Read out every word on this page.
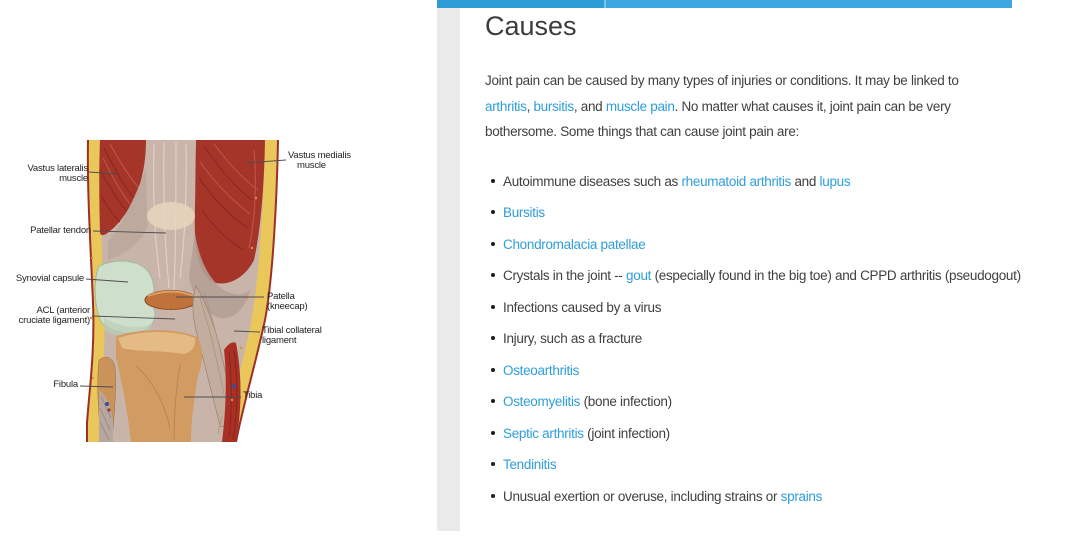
Vastus lateralis
muscle
Patellar tendon
Synovial capsule
ACL (anterior
cruciate ligament)
Fibula
Vastus medialis
muscle
Patella
(kneecap)
Tibial collateral
ligament
Tibia
Causes

Joint pain can be caused by many types of injuries or conditions. It may be linked to arthritis, bursitis, and muscle pain. No matter what causes it, joint pain can be very bothersome. Some things that can cause joint pain are:

Autoimmune diseases such as rheumatoid arthritis and lupus
Bursitis
Chondromalacia patellae
Crystals in the joint -- gout (especially found in the big toe) and CPPD arthritis (pseudogout)
Infections caused by a virus
Injury, such as a fracture
Osteoarthritis
Osteomyelitis (bone infection)
Septic arthritis (joint infection)
Tendinitis
Unusual exertion or overuse, including strains or sprains
